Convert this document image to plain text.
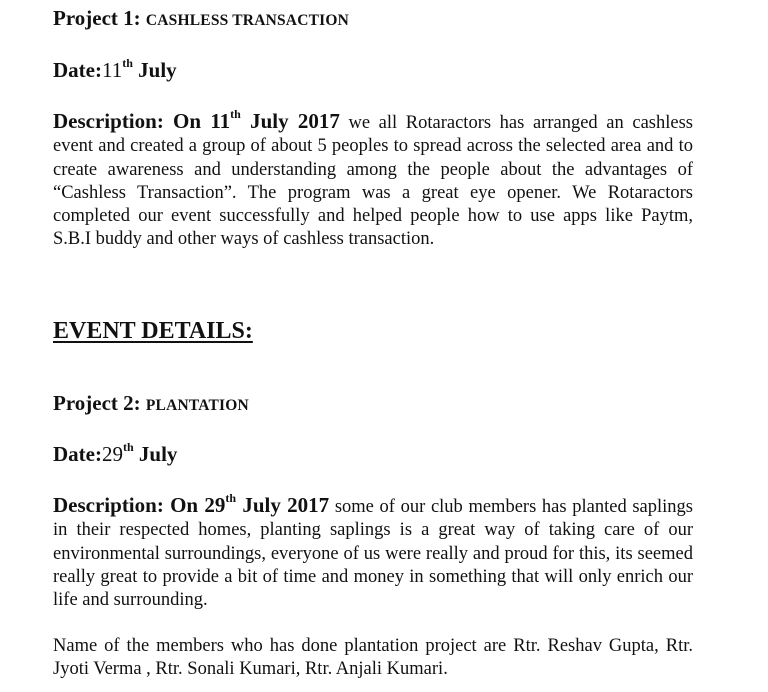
Project 1: CASHLESS TRANSACTION
Date:11th July
Description: On 11th July 2017 we all Rotaractors has arranged an cashless event and created a group of about 5 peoples to spread across the selected area and to create awareness and understanding among the people about the advantages of “Cashless Transaction”. The program was a great eye opener. We Rotaractors completed our event successfully and helped people how to use apps like Paytm, S.B.I buddy and other ways of cashless transaction.
EVENT DETAILS:
Project 2: PLANTATION
Date:29th July
Description: On 29th July 2017 some of our club members has planted saplings in their respected homes, planting saplings is a great way of taking care of our environmental surroundings, everyone of us were really and proud for this, its seemed really great to provide a bit of time and money in something that will only enrich our life and surrounding.
Name of the members who has done plantation project are Rtr. Reshav Gupta, Rtr. Jyoti Verma , Rtr. Sonali Kumari, Rtr. Anjali Kumari.
